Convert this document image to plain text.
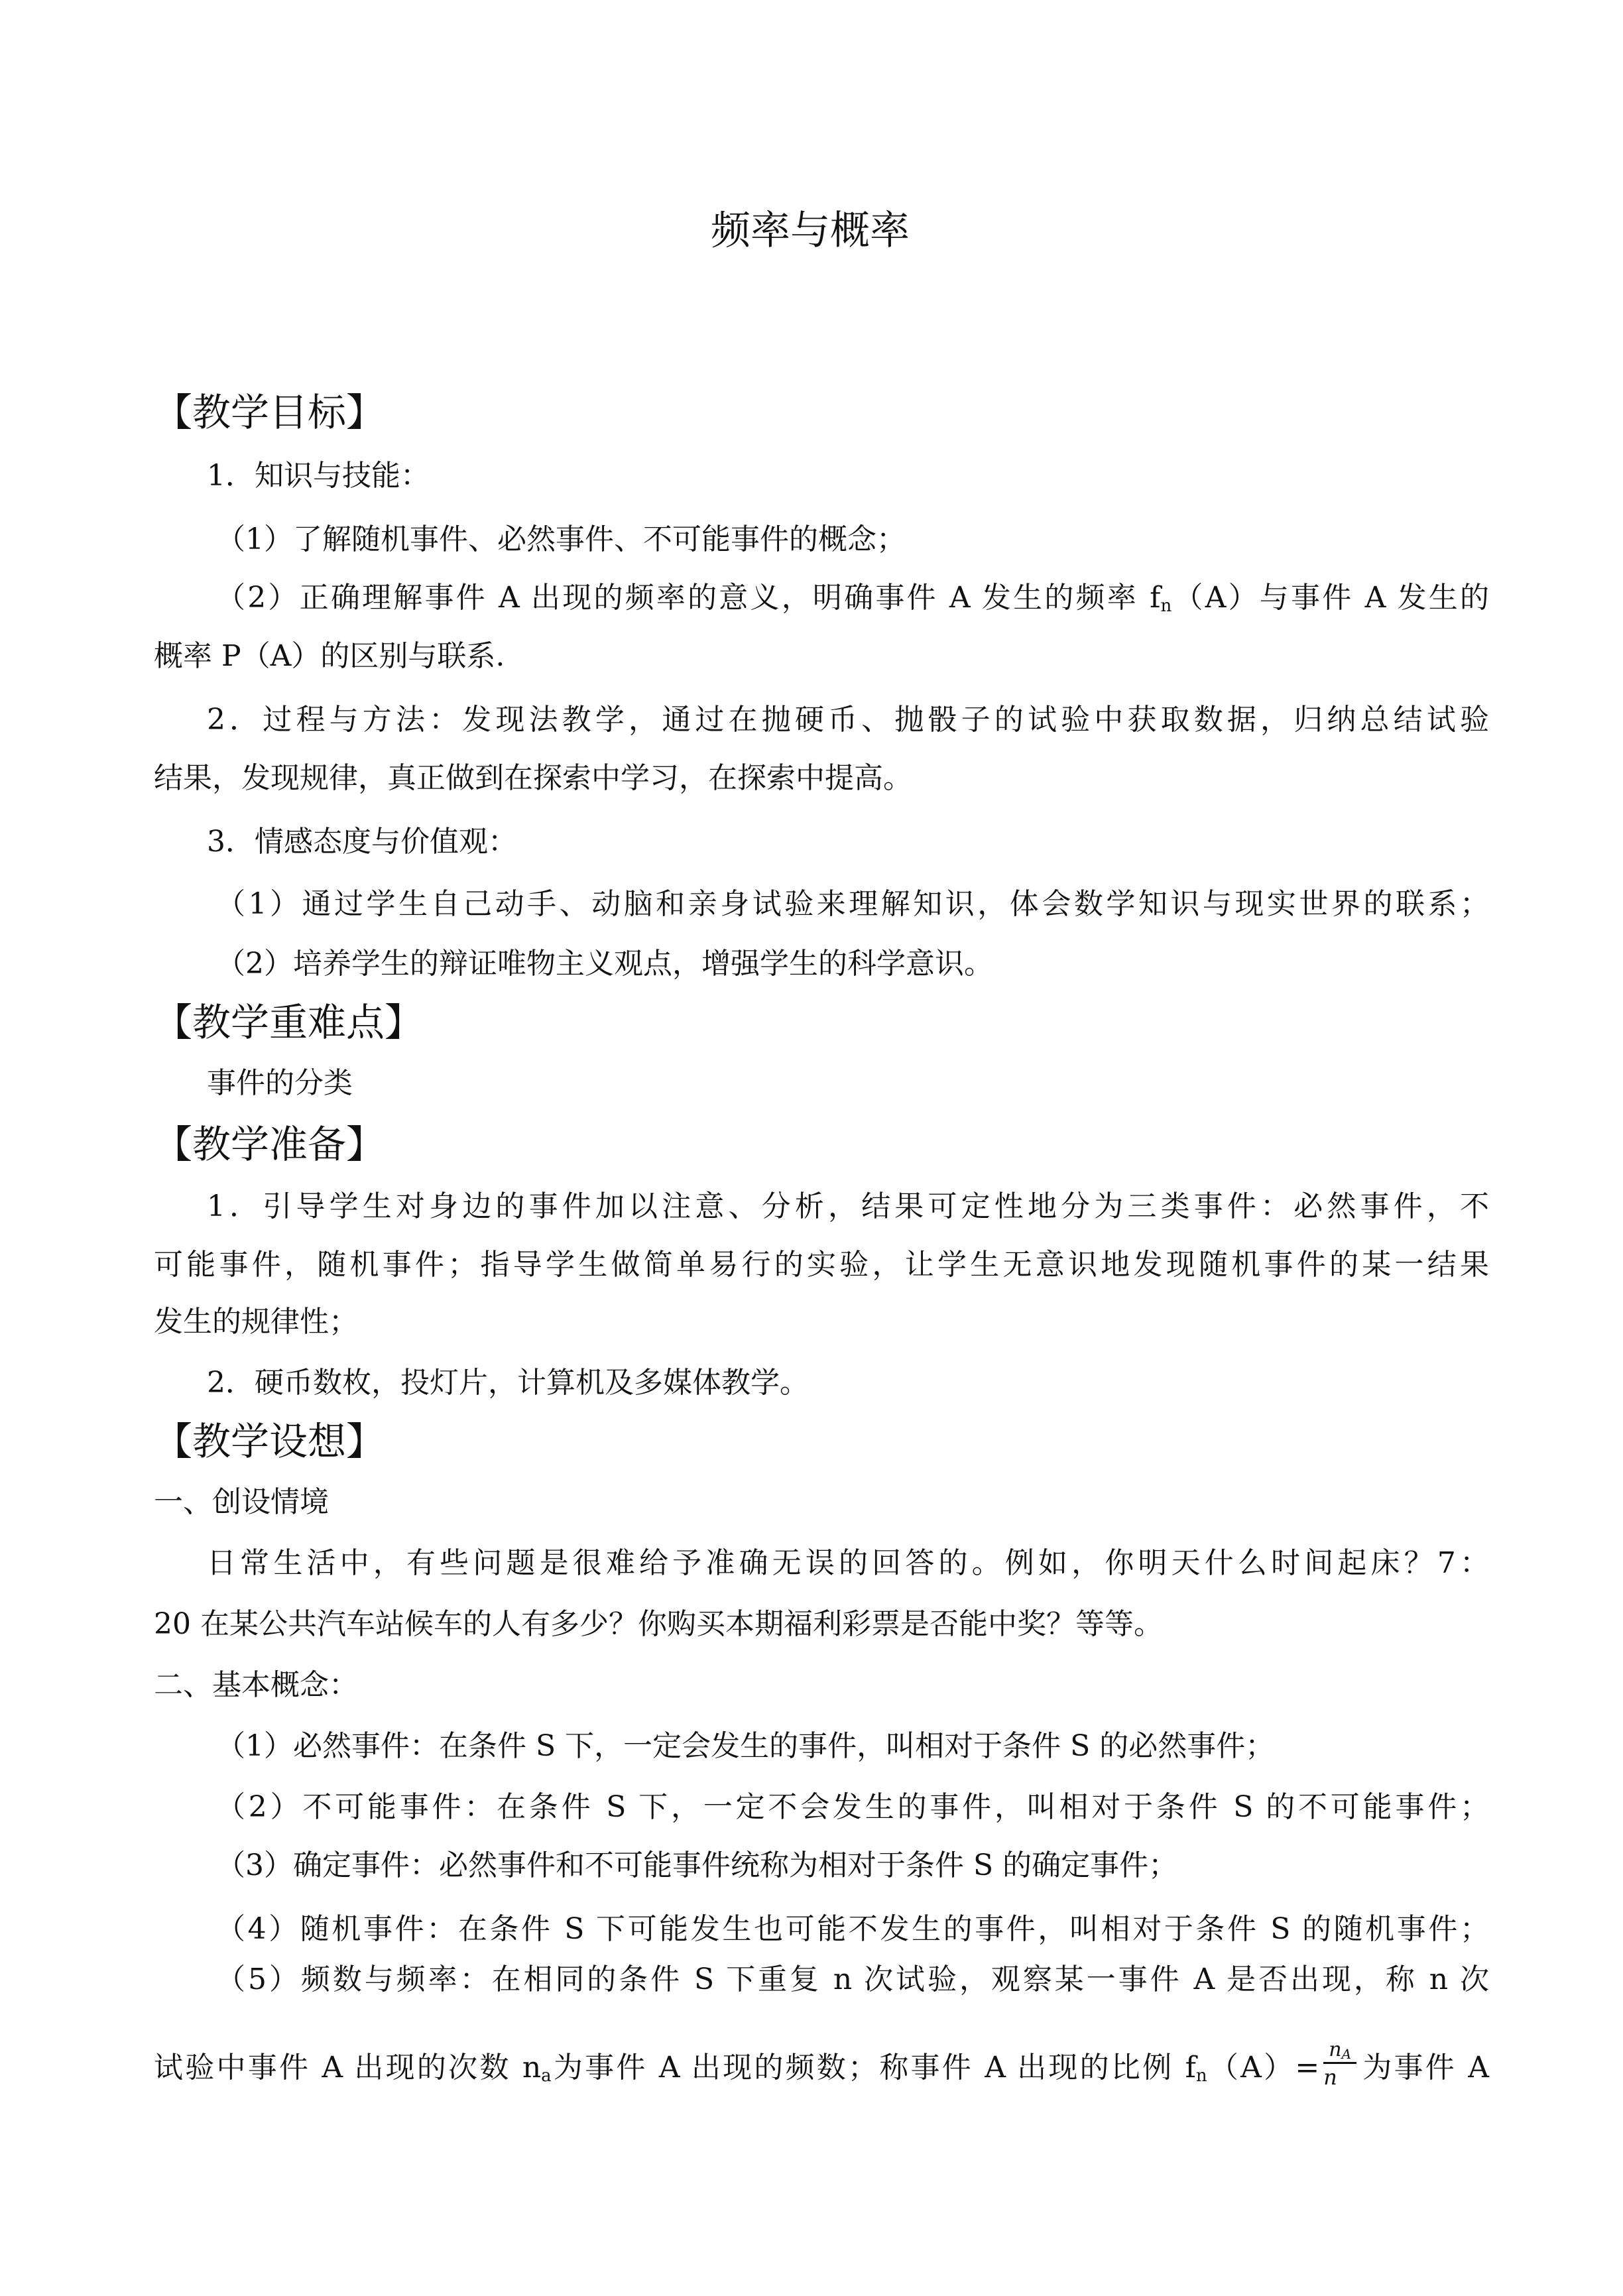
频率与概率
【教学目标】
1．知识与技能：
（1）了解随机事件、必然事件、不可能事件的概念；
（2）正确理解事件 A 出现的频率的意义，明确事件 A 发生的频率 $f_n(A)$与事件 A 发生的
概率 P（A）的区别与联系.
2．过程与方法：发现法教学，通过在抛硬币、抛骰子的试验中获取数据，归纳总结试验
结果，发现规律，真正做到在探索中学习，在探索中提高。
3．情感态度与价值观：
（1）通过学生自己动手、动脑和亲身试验来理解知识，体会数学知识与现实世界的联系；
（2）培养学生的辩证唯物主义观点，增强学生的科学意识。
【教学重难点】
事件的分类
【教学准备】
1．引导学生对身边的事件加以注意、分析，结果可定性地分为三类事件：必然事件，不
可能事件，随机事件；指导学生做简单易行的实验，让学生无意识地发现随机事件的某一结果
发生的规律性；
2．硬币数枚，投灯片，计算机及多媒体教学。
【教学设想】
一、创设情境
日常生活中，有些问题是很难给予准确无误的回答的。例如，你明天什么时间起床？7：
20 在某公共汽车站候车的人有多少？你购买本期福利彩票是否能中奖？等等。
二、基本概念：
（1）必然事件：在条件 S 下，一定会发生的事件，叫相对于条件 S 的必然事件；
（2）不可能事件：在条件 S 下，一定不会发生的事件，叫相对于条件 S 的不可能事件；
（3）确定事件：必然事件和不可能事件统称为相对于条件 S 的确定事件；
（4）随机事件：在条件 S 下可能发生也可能不发生的事件，叫相对于条件 S 的随机事件；
（5）频数与频率：在相同的条件 S 下重复 n 次试验，观察某一事件 A 是否出现，称 n 次
试验中事件 A 出现的次数 $n_a$为事件 A 出现的频数；称事件 A 出现的比例 $f_n(A)= \frac{n_A}{n}$ 为事件 A
